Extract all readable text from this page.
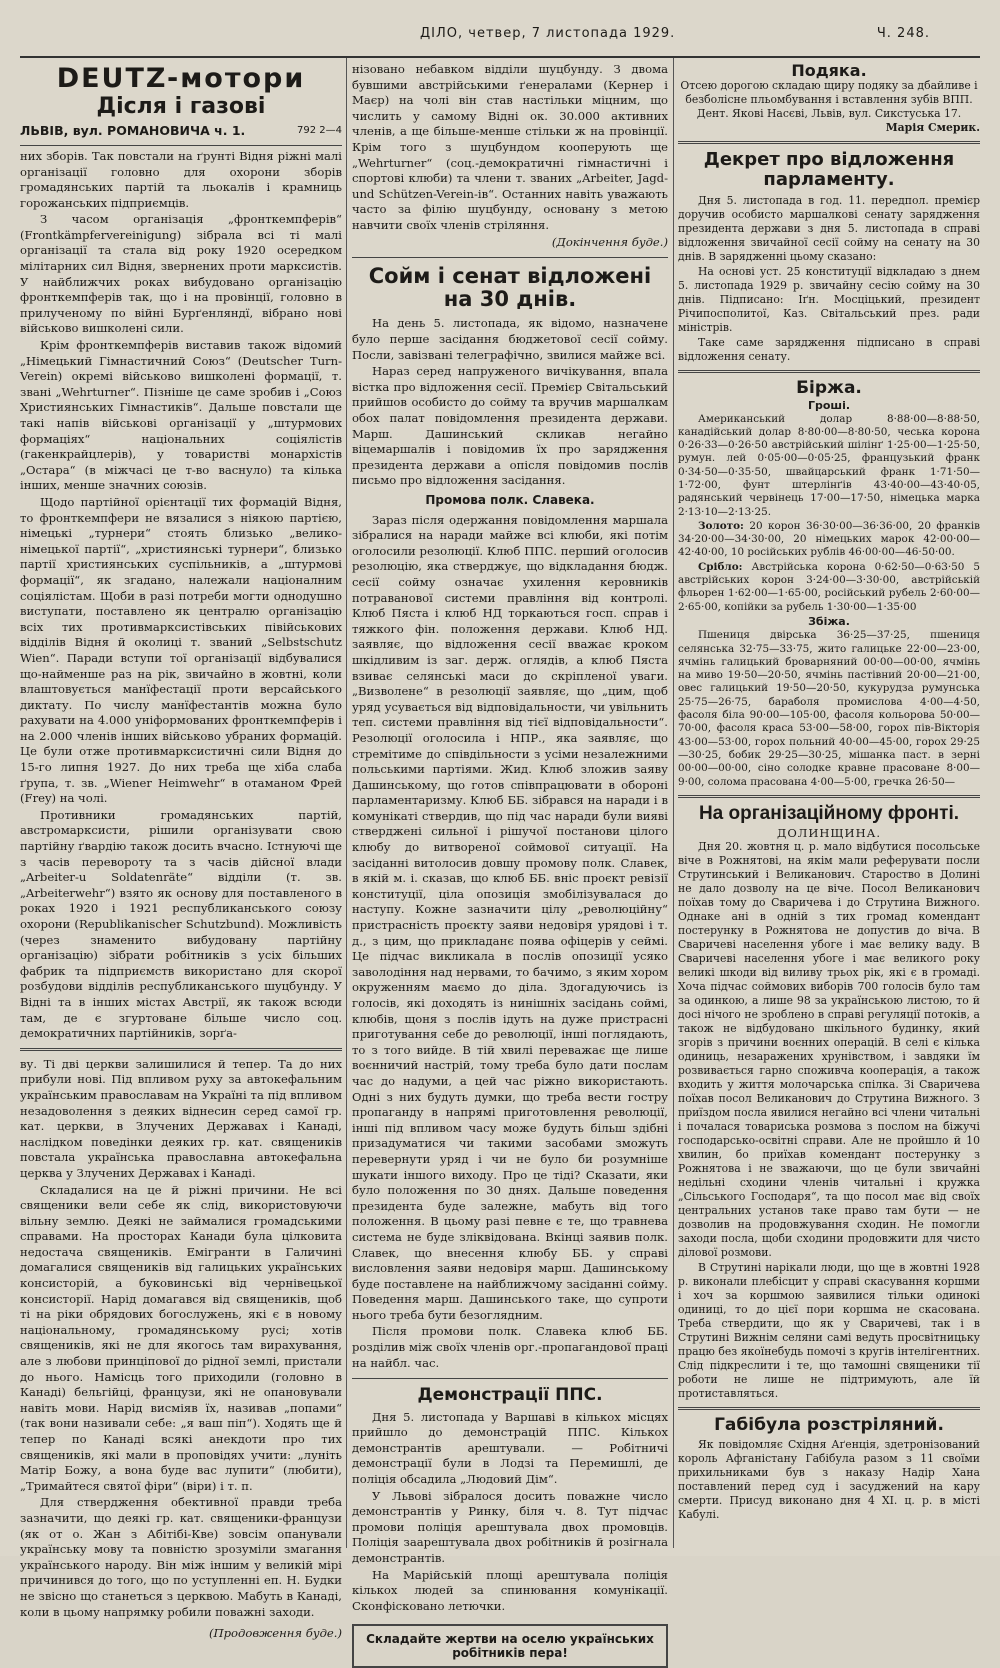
ДІЛО, четвер, 7 листопада 1929.	Ч. 248.
DEUTZ-мотори
Дісля і газові
ЛЬВІВ, вул. РОМАНОВИЧА ч. 1.	792 2—4

них зборів. Так повстали на ґрунті Відня ріжні малі організації головно для охорони зборів громадянських партій та льокалів і крамниць горожанських підприємців.

З часом організація „фронткемпферів“ (Frontkämpfervereinigung) зібрала всі ті малі організації та стала від року 1920 осередком мілітарних сил Відня, звернених проти марксистів. У найближчих роках вибудовано організацію фронткемпферів так, що і на провінції, головно в прилученому по війні Бурґенляндї, вібрано нові військово вишколені сили.

Крім фронткемпферів виставив також відомий „Німецький Гімнастичний Союз“ (Deutscher Turn-Verein) окремі військово вишколені формації, т. звані „Wehrturner“. Пізніше це саме зробив і „Союз Християнських Гімнастиків“. Дальше повстали ще такі напів військові організації у „штурмових формаціях“ національних соціялістів (гакенкрайцлерів), у товаристві монархістів „Остара“ (в міжчасі це т-во васнуло) та кілька інших, менше значних союзів.

Щодо партійної орієнтації тих формацій Відня, то фронткемпфери не вязалися з ніякою партією, німецькі „турнери“ стоять близько „велико-німецької партії“, „християнські турнери“, близько партії християнських суспільників, а „штурмові формації“, як згадано, належали націоналним соціялістам. Щоби в разі потреби могти однодушно виступати, поставлено як централю організацію всіх тих противмарксистівських півійськових відділів Відня й околиці т. званий „Selbstschutz Wien“. Паради вступи тої організації відбувалися що-найменше раз на рік, звичайно в жовтні, коли влаштовується манїфестації проти версайського диктату. По числу манїфестантів можна було рахувати на 4.000 уніформованих фронткемпферів і на 2.000 членів інших військово убраних формацій. Це були отже противмарксистичні сили Відня до 15-го липня 1927. До них треба ще хіба слаба ґрупа, т. зв. „Wiener Heimwehr“ в отаманом Фрей (Frey) на чолі.

Противники громадянських партій, австромарксисти, рішили організувати свою партійну ґвардію також досить вчасно. Істнуючі ще з часів перевороту та з часів дійсної влади „Arbeiter-u Soldatenräte“ відділи (т. зв. „Arbeiterwehr“) взято як основу для поставленого в роках 1920 і 1921 республиканського союзу охорони (Republikanischer Schutzbund). Можливість (через знаменито вибудовану партійну організацію) зібрати робітників з усіх більших фабрик та підприємств використано для скорої розбудови відділів республиканського шуцбунду. У Відні та в інших містах Австрії, як також всюди там, де є згуртоване більше число соц. демократичних партійників, зорґа-

ву. Ті дві церкви залишилися й тепер. Та до них прибули нові. Під впливом руху за автокефальним українським православам на Україні та під впливом незадоволення з деяких віднесин серед самої гр. кат. церкви, в Злучених Державах і Канаді, наслідком поведінки деяких гр. кат. священиків повстала українська православна автокефальна церква у Злучених Державах і Канаді.

Складалися на це й ріжні причини. Не всі священики вели себе як слід, використовуючи вільну землю. Деякі не займалися громадськими справами. На просторах Канади була цілковита недостача священиків. Емігранти в Галичині домагалися священиків від галицьких українських консисторій, а буковинські від чернівецької консисторії. Нарід домагався від священиків, щоб ті на ріки обрядових богослужень, які є в новому національному, громадянському русі; хотів священиків, які не для якогось там вирахування, але з любови принціпової до рідної землі, пристали до нього. Намісць того приходили (головно в Канаді) бельгійці, французи, які не опановували навіть мови. Нарід висміяв їх, називав „попами“ (так вони називали себе: „я ваш піп“). Ходять ще й тепер по Канаді всякі анекдоти про тих священиків, які мали в проповідях учити: „луніть Матір Божу, а вона буде вас лупити“ (любити), „Тримайтеся святої фіри“ (віри) і т. п.

Для ствердження обективної правди треба зазначити, що деякі гр. кат. священики-французи (як от о. Жан з Абітібі-Кве) зовсім опанували українську мову та повністю зрозуміли змагання українського народу. Він між іншим у великій мірі причинився до того, що по уступленні еп. Н. Будки не звісно що станеться з церквою. Мабуть в Канаді, коли в цьому напрямку робили поважні заходи.

(Продовження буде.)

нізовано небавком відділи шуцбунду. З двома бувшими австрійськими ґенералами (Кернер і Маєр) на чолі він став настільки міцним, що числить у самому Відні ок. 30.000 активних членів, а ще більше-менше стільки ж на провінції. Крім того з шуцбундом кооперують ще „Wehrturner“ (соц.-демократичні гімнастичні і спортові клюби) та члени т. званих „Arbeiter, Jagd- und Schützen-Verein-ів“. Останних навіть уважають часто за філію шуцбунду, основану з метою навчити своїх членів стріляння.

(Докінчення буде.)

Сойм і сенат відложені на 30 днів.

На день 5. листопада, як відомо, назначене було перше засідання бюджетової сесії сойму. Посли, завізвані телеграфічно, звилися майже всі.

Нараз серед напруженого вичікування, впала вістка про відложення сесії. Премієр Світальський прийшов особисто до сойму та вручив маршалкам обох палат повідомлення президента держави. Марш. Дашинський скликав негайно віцемаршалів і повідомив їх про зарядження президента держави а опісля повідомив послів письмо про відложення засідання.

Промова полк. Славека.

Зараз після одержання повідомлення маршала зібралися на наради майже всі клюби, які потім оголосили резолюції. Клюб ППС. перший оголосив резолюцію, яка стверджує, що відкладання бюдж. сесії сойму означає ухилення керовників потраванової системи правління від контролі. Клюб Пяста і клюб НД торкаються госп. справ і тяжкого фін. положення держави. Клюб НД. заявляє, що відложення сесії вважає кроком шкідливим із заг. держ. оглядів, а клюб Пяста взиває селянські маси до скріпленої уваги. „Визволене“ в резолюції заявляє, що „цим, щоб уряд усувається від відповідальности, чи увільнить теп. системи правління від тієї відповідальности“. Резолюції оголосила і НПР., яка заявляє, що стремітиме до співдільности з усіми незалежними польськими партіями. Жид. Клюб зложив заяву Дашинському, що готов співпрацювати в обороні парламентаризму. Клюб ББ. зібрався на наради і в комунікаті ствердив, що під час наради були вияві стверджені сильної і рішучої постанови цілого клюбу до витвореної соймової ситуації. На засіданні витолосив довшу промову полк. Славек, в якій м. і. сказав, що клюб ББ. вніс проєкт ревізії конституції, цілa опозиція змобілізувалася до наступу. Кожне зазначити цілу „революційну“ пристрасність проєкту заяви недовіря урядові і т. д., з цим, що прикладанє поява офіцерів у сеймі. Це підчас викликала в послів опозиції усяко заволодіння над нервами, то бачимо, з яким хором окруженням маємо до діла. Здогадуючись із голосів, які доходять із нинішніх засідань соймі, клюбів, щоня з послів ідуть на дуже пристрасні приготування себе до революції, інші поглядають, то з того вийде. В тій хвилі переважає ще лише воєнничий настрій, тому треба було дати послам час до надуми, а цей час ріжно використають. Одні з них будуть думки, що треба вести гостру пропаганду в напрямі приготовлення революції, інші під впливом часу може будуть більш здібні призадуматися чи такими засобами зможуть перевернути уряд і чи не було би розумніше шукати іншого виходу. Про це тіді? Сказати, яки було положення по 30 днях. Дальше поведення президента буде залежне, мабуть від того положення. В цьому разі певне є те, що травнева система не буде зліквідована. Вкінці заявив полк. Славек, що внесення клюбу ББ. у справі висловлення заяви недовіря марш. Дашинському буде поставлене на найближчому засіданні сойму. Поведення марш. Дашинського таке, що супроти нього треба бути безоглядним.

Після промови полк. Славека клюб ББ. розділив між своїх членів орг.-пропагандової праці на найбл. час.

Демонстрації ППС.

Дня 5. листопада у Варшаві в кількох місцях прийшло до демонстрацій ППС. Кількох демонстрантів арештували. — Робітничі демонстрації були в Лодзі та Перемишлі, де поліція обсадила „Людовий Дім“.

У Львові зібралося досить поважне число демонстрантів у Ринку, біля ч. 8. Тут підчас промови поліція арештувала двох промовців. Поліція заарештувала двох робітників й розігнала демонстрантів.

На Марійській площі арештувала поліція кількох людей за спинювання комунікації. Сконфісковано летючки.

Складайте жертви на оселю українських робітників пера!
Подяка.
Отсею дорогою складаю щиру подяку за дбайливе і безболісне пльомбування і вставлення зубів ВПП. Дент. Якові Насєві, Львів, вул. Сикстуська 17.
Марія Смерик.
Декрет про відложення парламенту.

Дня 5. листопада в год. 11. передпол. премієр доручив особисто маршалкові сенату зарядження президента держави з дня 5. листопада в справі відложення звичайної сесії сойму на сенату на 30 днів. В зарядженні цьому сказано:

На основі уст. 25 конституції відкладаю з днем 5. листопада 1929 р. звичайну сесію сойму на 30 днів. Підписано: Іґн. Мосціцький, президент Річипосполитої, Каз. Світальський през. ради міністрів.

Таке саме зарядження підписано в справі відложення сенату.

Біржа.
Гроші.

Американський долар 8·88·00—8·88·50, канадійський долар 8·80·00—8·80·50, чеська корона 0·26·33—0·26·50 австрійський шілінґ 1·25·00—1·25·50, румун. лей 0·05·00—0·05·25, французький франк 0·34·50—0·35·50, швайцарський франк 1·71·50—1·72·00, фунт штерлінґів 43·40·00—43·40·05, радянський червінець 17·00—17·50, німецька марка 2·13·10—2·13·25.

Золото: 20 корон 36·30·00—36·36·00, 20 франків 34·20·00—34·30·00, 20 німецьких марок 42·00·00—42·40·00, 10 російських рублів 46·00·00—46·50·00.

Срібло: Австрійська корона 0·62·50—0·63·50 5 австрійських корон 3·24·00—3·30·00, австрійській фльорен 1·62·00—1·65·00, російський рубель 2·60·00—2·65·00, копійки за рубель 1·30·00—1·35·00

Збіжа.

Пшениця двірська 36·25—37·25, пшениця селянська 32·75—33·75, жито галицьке 22·00—23·00, ячмінь галицький броварняний 00·00—00·00, ячмінь на миво 19·50—20·50, ячмінь пастівний 20·00—21·00, овес галицький 19·50—20·50, кукурудза румунська 25·75—26·75, бараболя промислова 4·00—4·50, фасоля біла 90·00—105·00, фасоля кольорова 50·00—70·00, фасоля краса 53·00—58·00, горох пів-Вікторія 43·00—53·00, горох польний 40·00—45·00, горох 29·25—30·25, бобик 29·25—30·25, мішанка паст. в зерні 00·00—00·00, сіно солодке кравне прасоване 8·00—9·00, солома прасована 4·00—5·00, гречка 26·50—

На організаційному фронті.
ДОЛИНЩИНА.

Дня 20. жовтня ц. р. мало відбутися посольське віче в Рожнятові, на якім мали реферувати посли Струтинський і Великанович. Староство в Долині не дало дозволу на це віче. Посол Великанович поїхав тому до Сваричева і до Струтина Вижного. Однаке ані в одній з тих громад комендант постерунку в Рожнятова не допустив до віча. В Сваричеві населення убоге і має велику ваду. В Сваричеві населення убоге і має великого року великі шкоди від виливу трьох рік, які є в громаді. Хоча підчас соймових виборів 700 голосів було там за одинкою, а лише 98 за українською листою, то й досі нічого не зроблено в справі регуляції потоків, а також не відбудовано шкільного будинку, який згорів з причини воєнних операцій. В селі є кілька одиниць, незаражених хрунівством, і завдяки їм розвивається гарно споживча кооперація, а також входить у життя молочарська спілка. Зі Сваричева поїхав посол Великанович до Струтина Вижного. З приїздом посла явилися негайно всі члени читальні і почалася товариська розмова з послом на біжучі господарсько-освітні справи. Але не пройшло й 10 хвилин, бо приїхав комендант постерунку з Рожнятова і не зважаючи, що це були звичайні недільні сходини членів читальні і кружка „Сільського Господаря“, та що посол має від своїх центральних установ таке право там бути — не дозволив на продовжування сходин. Не помогли заходи посла, щоби сходини продовжити для чисто ділової розмови.

В Струтині нарікали люди, що ще в жовтні 1928 р. виконали плебісцит у справі скасування коршми і хоч за коршмою заявилися тільки одинокі одиниці, то до цієї пори коршма не скасована. Треба ствердити, що як у Сваричеві, так і в Струтині Вижнім селяни самі ведуть просвітницьку працю без якоїнебудь помочі з кругів інтелігентних. Слід підкреслити і те, що тамошні священики тії роботи не лише не підтримують, але їй протиставляться.

Габібула розстріляний.

Як повідомляє Східня Аґенція, здетронізований король Афганістану Габібула разом з 11 своїми прихильниками був з наказу Надір Хана поставлений перед суд і засуджений на кару смерти. Присуд виконано дня 4 ХІ. ц. р. в місті Кабулі.
